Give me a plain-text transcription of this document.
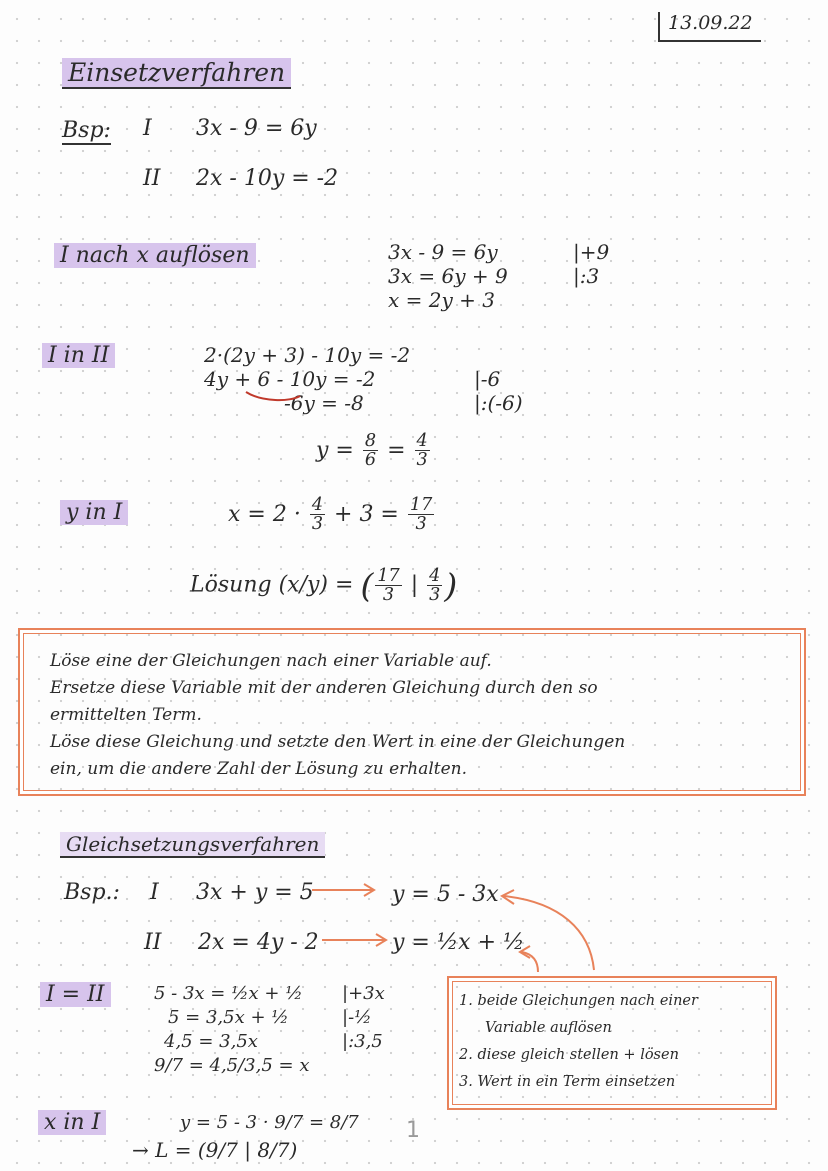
13.09.22
Einsetzverfahren
Bsp: I 3x - 9 = 6y
II 2x - 10y = -2
I nach x auflösen	3x - 9 = 6y	|+9
3x = 6y + 9	|:3
x = 2y + 3
I in II	2·(2y + 3) - 10y = -2
4y + 6 - 10y = -2	|-6
-6y = -8	|:(-6)
$y = \frac{8}{6} = \frac{4}{3}$
y in I	$x = 2 \cdot \frac{4}{3} + 3 = \frac{17}{3}$
Lösung (x/y) = ( $\frac{17}{3}$ | $\frac{4}{3}$ )
Löse eine der Gleichungen nach einer Variable auf.
Ersetze diese Variable mit der anderen Gleichung durch den so
ermittelten Term.
Löse diese Gleichung und setzte den Wert in eine der Gleichungen
ein, um die andere Zahl der Lösung zu erhalten.
Gleichsetzungsverfahren
Bsp.: I 3x + y = 5	y = 5 - 3x
II 2x = 4y - 2	y = ½x + ½
I = II	5 - 3x = ½x + ½ |+3x
5 = 3,5x + ½	|-½
4,5 = 3,5x	|:3,5
9/7 = 4,5/3,5 = x
1. beide Gleichungen nach einer
Variable auflösen
2. diese gleich stellen + lösen
3. Wert in ein Term einsetzen
x in I	y = 5 - 3 · 9/7 = 8/7
→ L = (9/7 | 8/7)
1
